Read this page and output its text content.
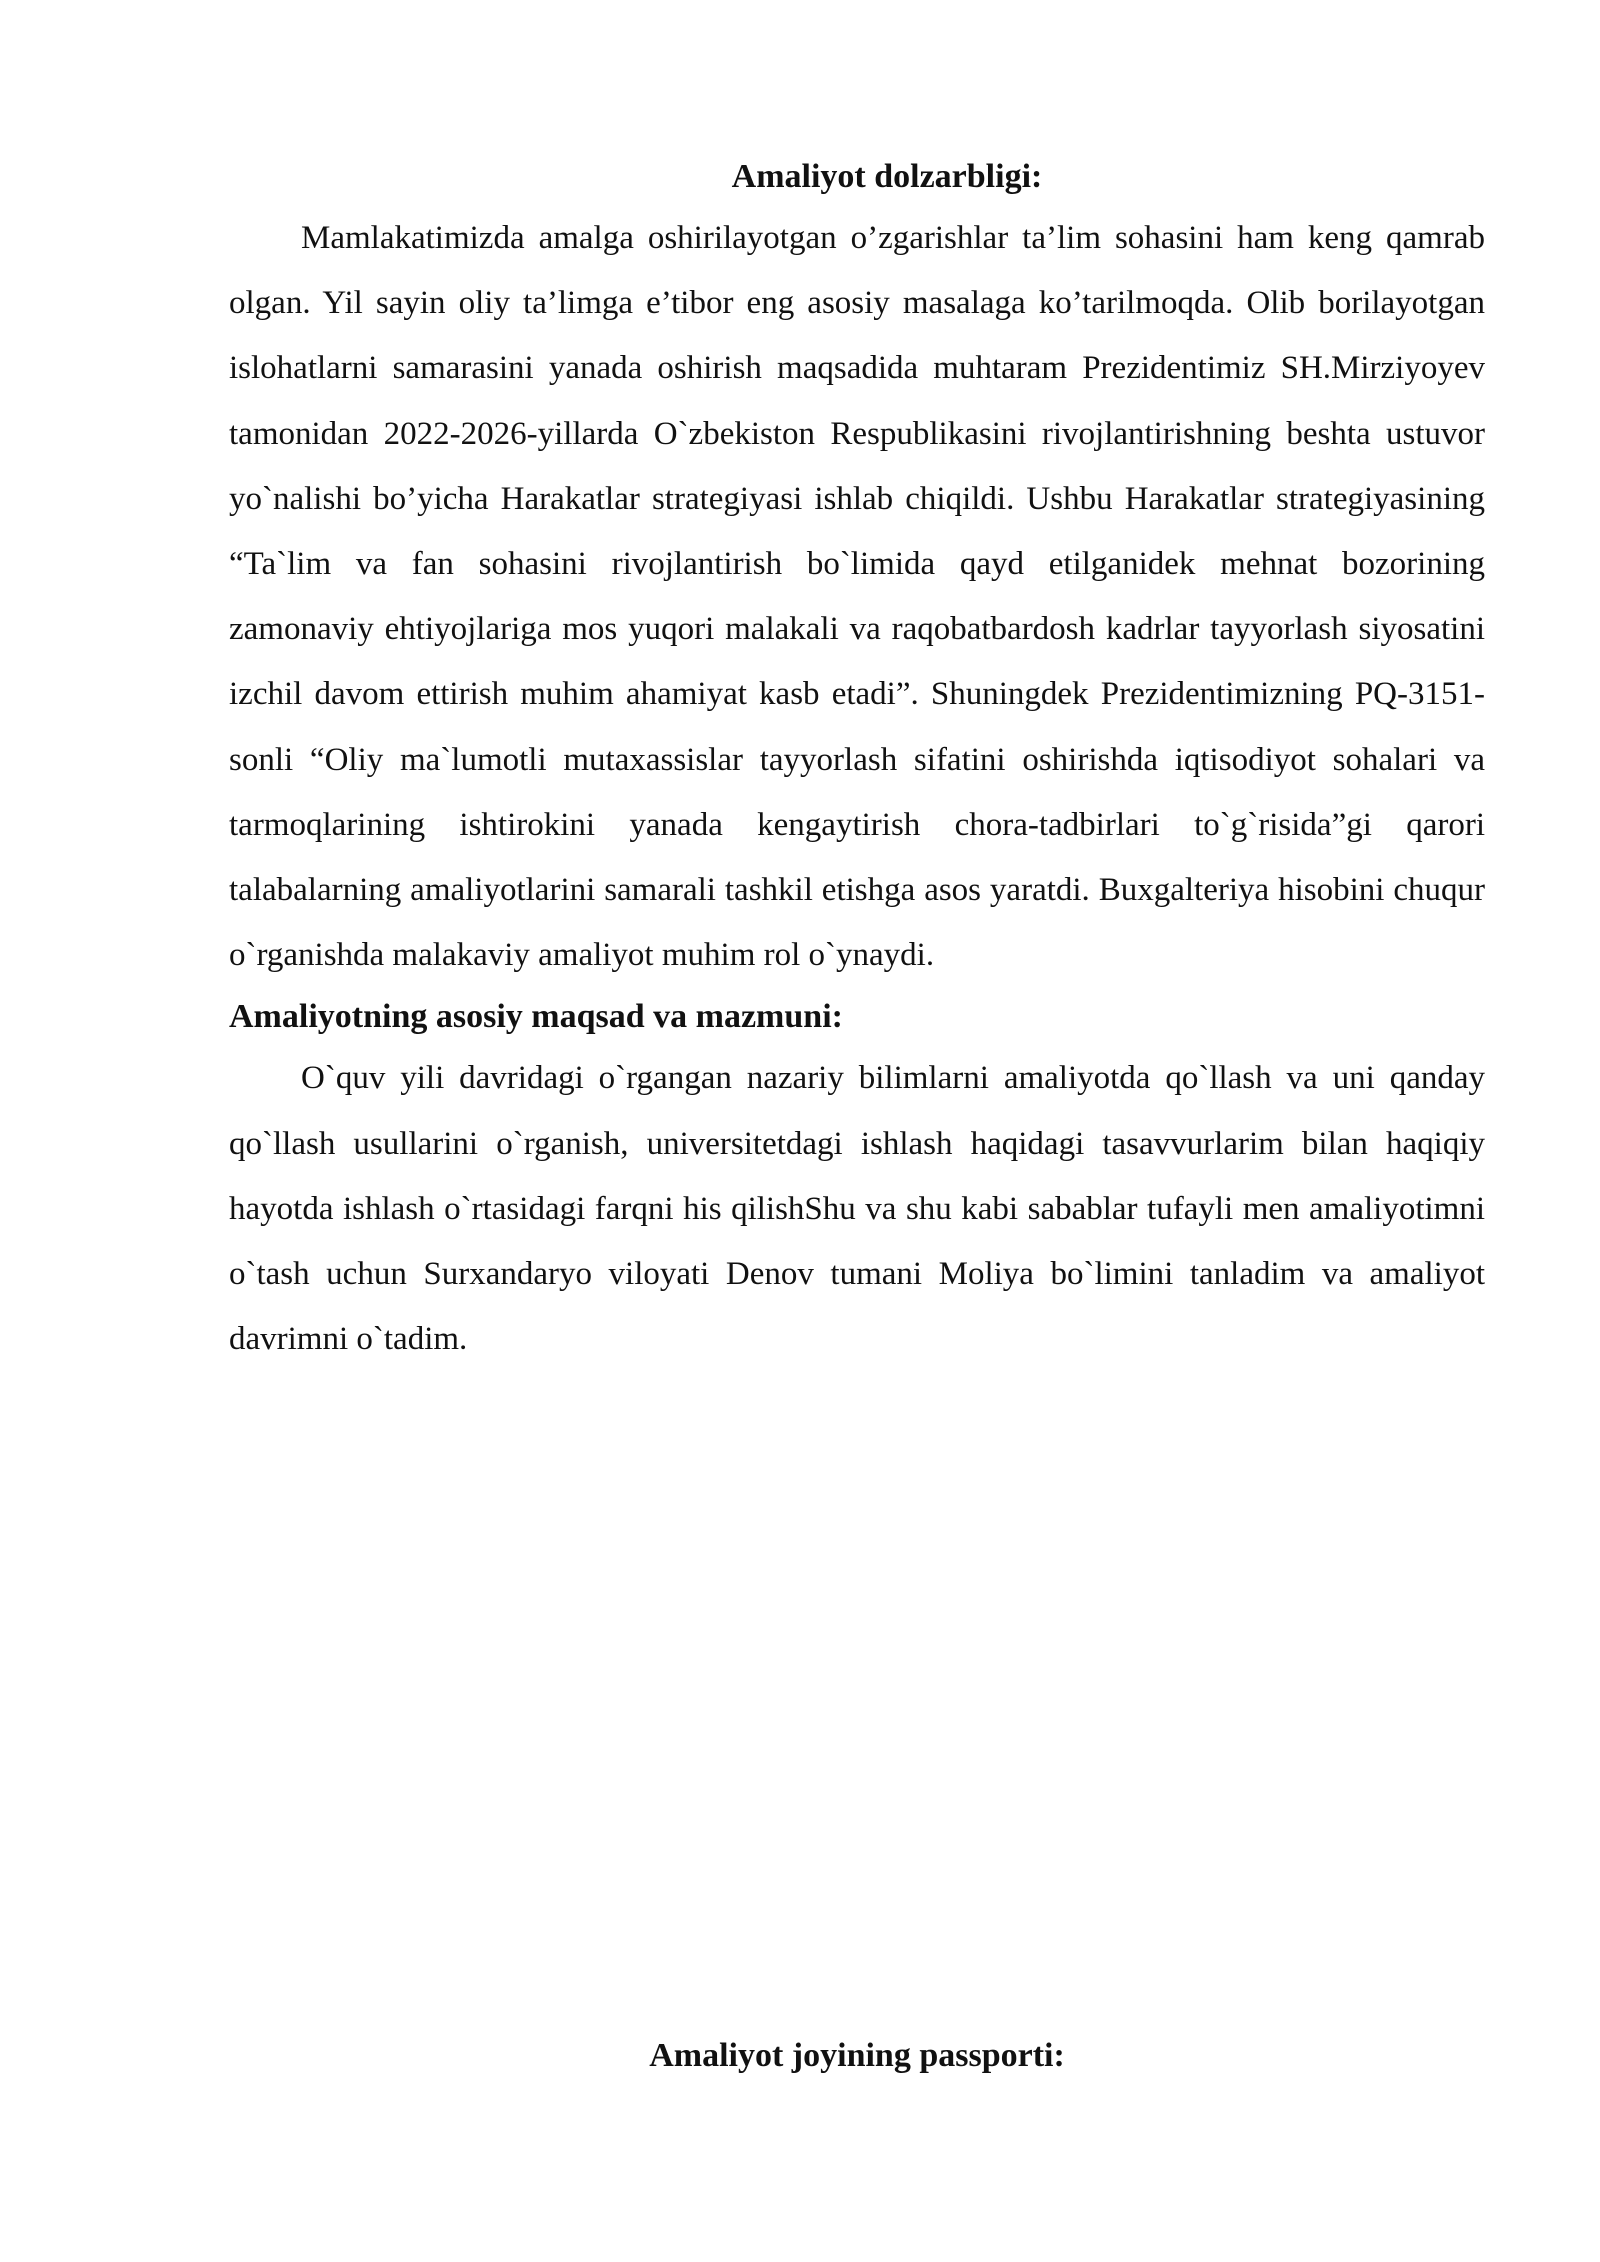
Amaliyot dolzarbligi:

Mamlakatimizda amalga oshirilayotgan o’zgarishlar ta’lim sohasini ham keng qamrab olgan. Yil sayin oliy ta’limga e’tibor eng asosiy masalaga ko’tarilmoqda. Olib borilayotgan islohatlarni samarasini yanada oshirish maqsadida muhtaram Prezidentimiz SH.Mirziyoyev tamonidan 2022-2026-yillarda O`zbekiston Respublikasini rivojlantirishning beshta ustuvor yo`nalishi bo’yicha Harakatlar strategiyasi ishlab chiqildi. Ushbu Harakatlar strategiyasining “Ta`lim va fan sohasini rivojlantirish bo`limida qayd etilganidek mehnat bozorining zamonaviy ehtiyojlariga mos yuqori malakali va raqobatbardosh kadrlar tayyorlash siyosatini izchil davom ettirish muhim ahamiyat kasb etadi”. Shuningdek Prezidentimizning PQ-3151-sonli “Oliy ma`lumotli mutaxassislar tayyorlash sifatini oshirishda iqtisodiyot sohalari va tarmoqlarining ishtirokini yanada kengaytirish chora-tadbirlari to`g`risida”gi qarori talabalarning amaliyotlarini samarali tashkil etishga asos yaratdi. Buxgalteriya hisobini chuqur o`rganishda malakaviy amaliyot muhim rol o`ynaydi.

Amaliyotning asosiy maqsad va mazmuni:

O`quv yili davridagi o`rgangan nazariy bilimlarni amaliyotda qo`llash va uni qanday qo`llash usullarini o`rganish, universitetdagi ishlash haqidagi tasavvurlarim bilan haqiqiy hayotda ishlash o`rtasidagi farqni his qilishShu va shu kabi sabablar tufayli men amaliyotimni o`tash uchun Surxandaryo viloyati Denov tumani Moliya bo`limini tanladim va amaliyot davrimni o`tadim.

Amaliyot joyining passporti:
